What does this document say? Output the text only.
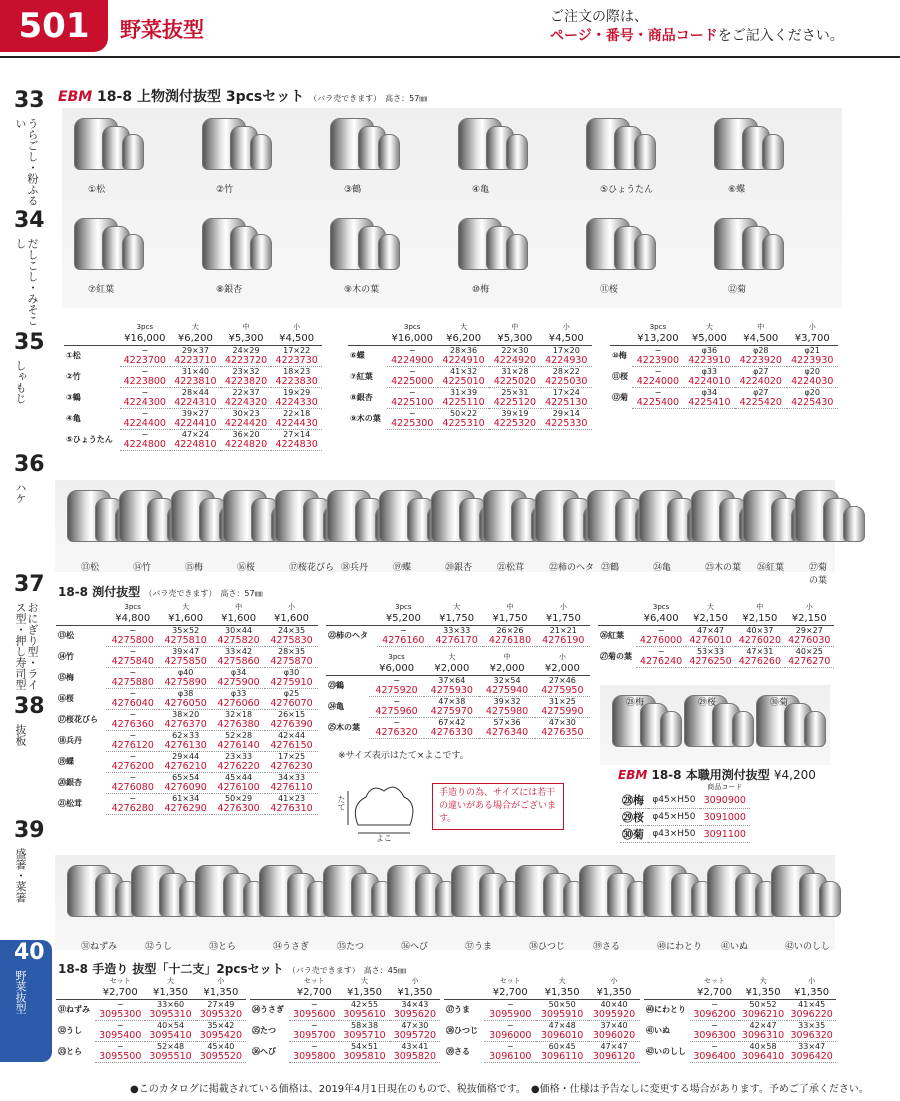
501	野菜抜型
ご注文の際は、
ページ・番号・商品コードをご記入ください。
33
うらごし・粉ふるい
34
だしこし・みそこし
35
しゃもじ
36
ハケ
37
おにぎり型・ライス型・押し寿司型
38
抜板
39
盛箸・菜箸
40
野菜抜型
EBM 18-8 上物渕付抜型 3pcsセット （バラ売できます）　高さ：57㎜
①松	②竹	③鶴	④亀	⑤ひょうたん	⑥蝶
⑦紅葉	⑧銀杏	⑨木の葉	⑩梅	⑪桜	⑫菊
⑬松	⑭竹	⑮梅	⑯桜	⑰桜花びら ⑱兵丹	⑲蝶	⑳銀杏	㉑松茸	㉒柿のヘタ ㉓鶴	㉔亀	㉕木の葉 ㉖紅葉	㉗菊の葉
18-8 渕付抜型 （バラ売できます）　高さ：57㎜
※サイズ表示はたて×よこです。
たて
よこ
手造りの為、サイズには若干の違いがある場合がございます。
㉘梅	㉙桜	㉚菊
EBM 18-8 本職用渕付抜型 ¥4,200
㉛ねずみ	㉜うし	㉝とら	㉞うさぎ	㉟たつ	㊱へび	㊲うま	㊳ひつじ	㊴さる	㊵にわとり ㊶いぬ	㊷いのしし
18-8 手造り 抜型「十二支」2pcsセット （バラ売できます）　高さ：45㎜
●このカタログに掲載されている価格は、2019年4月1日現在のもので、税抜価格です。　●価格・仕様は予告なしに変更する場合があります。予めご了承ください。
	3pcs	大	中	小
	¥16,000	¥6,200	¥5,300	¥4,500
①松	−	29×37	24×29	17×22
	4223700	4223710	4223720	4223730
②竹	−	31×40	23×32	18×23
	4223800	4223810	4223820	4223830
③鶴	−	28×44	22×37	19×29
	4224300	4224310	4224320	4224330
④亀	−	39×27	30×23	22×18
	4224400	4224410	4224420	4224430
⑤ひょうたん	−	47×24	36×20	27×14
	4224800	4224810	4224820	4224830
	3pcs	大	中	小
	¥16,000	¥6,200	¥5,300	¥4,500
⑥蝶	−	28×36	22×30	17×20
	4224900	4224910	4224920	4224930
⑦紅葉	−	41×32	31×28	28×22
	4225000	4225010	4225020	4225030
⑧銀杏	−	31×39	25×31	17×24
	4225100	4225110	4225120	4225130
⑨木の葉	−	50×22	39×19	29×14
	4225300	4225310	4225320	4225330
	3pcs	大	中	小
	¥13,200	¥5,000	¥4,500	¥3,700
⑩梅	−	φ36	φ28	φ21
	4223900	4223910	4223920	4223930
⑪桜	−	φ33	φ27	φ20
	4224000	4224010	4224020	4224030
⑫菊	−	φ34	φ27	φ20
	4225400	4225410	4225420	4225430
	3pcs	大	中	小
	¥4,800	¥1,600	¥1,600	¥1,600
⑬松	−	35×52	30×44	24×35
	4275800	4275810	4275820	4275830
⑭竹	−	39×47	33×42	28×35
	4275840	4275850	4275860	4275870
⑮梅	−	φ40	φ34	φ30
	4275880	4275890	4275900	4275910
⑯桜	−	φ38	φ33	φ25
	4276040	4276050	4276060	4276070
⑰桜花びら	−	38×20	32×18	26×15
	4276360	4276370	4276380	4276390
⑱兵丹	−	62×33	52×28	42×44
	4276120	4276130	4276140	4276150
⑲蝶	−	29×44	23×33	17×25
	4276200	4276210	4276220	4276230
⑳銀杏	−	65×54	45×44	34×33
	4276080	4276090	4276100	4276110
㉑松茸	−	61×34	50×29	41×23
	4276280	4276290	4276300	4276310
	3pcs	大	中	小
	¥5,200	¥1,750	¥1,750	¥1,750
㉒柿のヘタ	−	33×33	26×26	21×21
	4276160	4276170	4276180	4276190
	3pcs	大	中	小
	¥6,000	¥2,000	¥2,000	¥2,000
㉓鶴	−	37×64	32×54	27×46
	4275920	4275930	4275940	4275950
㉔亀	−	47×38	39×32	31×25
	4275960	4275970	4275980	4275990
㉕木の葉	−	67×42	57×36	47×30
	4276320	4276330	4276340	4276350
	3pcs	大	中	小
	¥6,400	¥2,150	¥2,150	¥2,150
㉖紅葉	−	47×47	40×37	29×27
	4276000	4276010	4276020	4276030
㉗菊の葉	−	53×33	47×31	40×25
	4276240	4276250	4276260	4276270
	セット	大	小
	¥2,700	¥1,350	¥1,350
㉛ねずみ	−	33×60	27×49
	3095300	3095310	3095320
㉜うし	−	40×54	35×42
	3095400	3095410	3095420
㉝とら	−	52×48	45×40
	3095500	3095510	3095520
	セット	大	小
	¥2,700	¥1,350	¥1,350
㉞うさぎ	−	42×55	34×43
	3095600	3095610	3095620
㉟たつ	−	58×38	47×30
	3095700	3095710	3095720
㊱へび	−	54×51	43×41
	3095800	3095810	3095820
	セット	大	小
	¥2,700	¥1,350	¥1,350
㊲うま	−	50×50	40×40
	3095900	3095910	3095920
㊳ひつじ	−	47×48	37×40
	3096000	3096010	3096020
㊴さる	−	60×45	47×47
	3096100	3096110	3096120
	セット	大	小
	¥2,700	¥1,350	¥1,350
㊵にわとり	−	50×52	41×45
	3096200	3096210	3096220
㊶いぬ	−	42×47	33×35
	3096300	3096310	3096320
㊷いのしし	−	40×58	33×47
	3096400	3096410	3096420
		商品コード
㉘梅	φ45×H50	3090900
㉙桜	φ45×H50	3091000
㉚菊	φ43×H50	3091100
